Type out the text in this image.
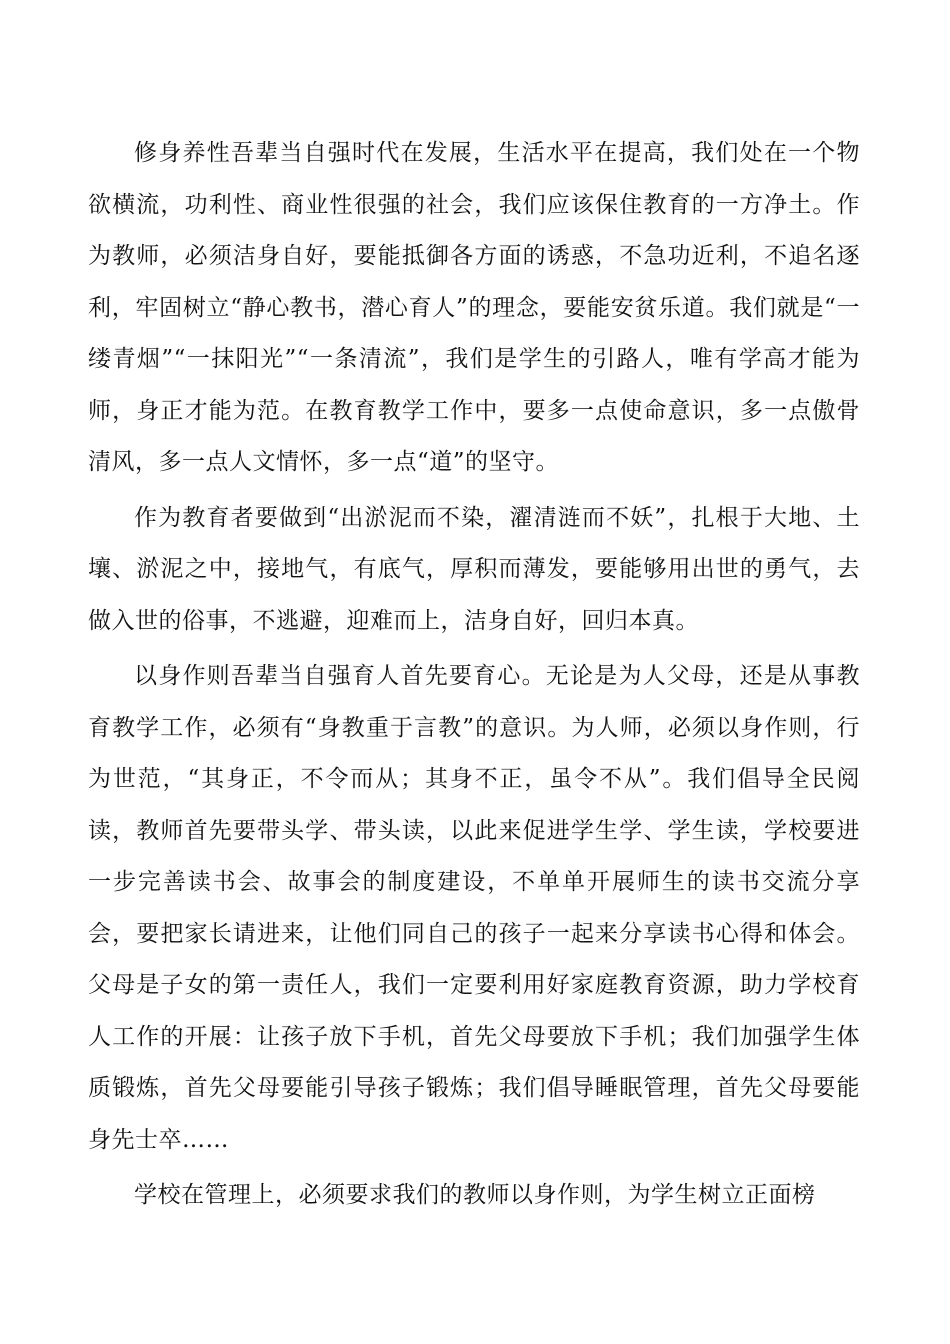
修身养性吾辈当自强时代在发展，生活水平在提高，我们处在一个物欲横流，功利性、商业性很强的社会，我们应该保住教育的一方净土。作为教师，必须洁身自好，要能抵御各方面的诱惑，不急功近利，不追名逐利，牢固树立“静心教书，潜心育人”的理念，要能安贫乐道。我们就是“一缕青烟”“一抹阳光”“一条清流”，我们是学生的引路人，唯有学高才能为师，身正才能为范。在教育教学工作中，要多一点使命意识，多一点傲骨清风，多一点人文情怀，多一点“道”的坚守。

作为教育者要做到“出淤泥而不染，濯清涟而不妖”，扎根于大地、土壤、淤泥之中，接地气，有底气，厚积而薄发，要能够用出世的勇气，去做入世的俗事，不逃避，迎难而上，洁身自好，回归本真。

以身作则吾辈当自强育人首先要育心。无论是为人父母，还是从事教育教学工作，必须有“身教重于言教”的意识。为人师，必须以身作则，行为世范，“其身正，不令而从；其身不正，虽令不从”。我们倡导全民阅读，教师首先要带头学、带头读，以此来促进学生学、学生读，学校要进一步完善读书会、故事会的制度建设，不单单开展师生的读书交流分享会，要把家长请进来，让他们同自己的孩子一起来分享读书心得和体会。父母是子女的第一责任人，我们一定要利用好家庭教育资源，助力学校育人工作的开展：让孩子放下手机，首先父母要放下手机；我们加强学生体质锻炼，首先父母要能引导孩子锻炼；我们倡导睡眠管理，首先父母要能身先士卒……

学校在管理上，必须要求我们的教师以身作则，为学生树立正面榜
